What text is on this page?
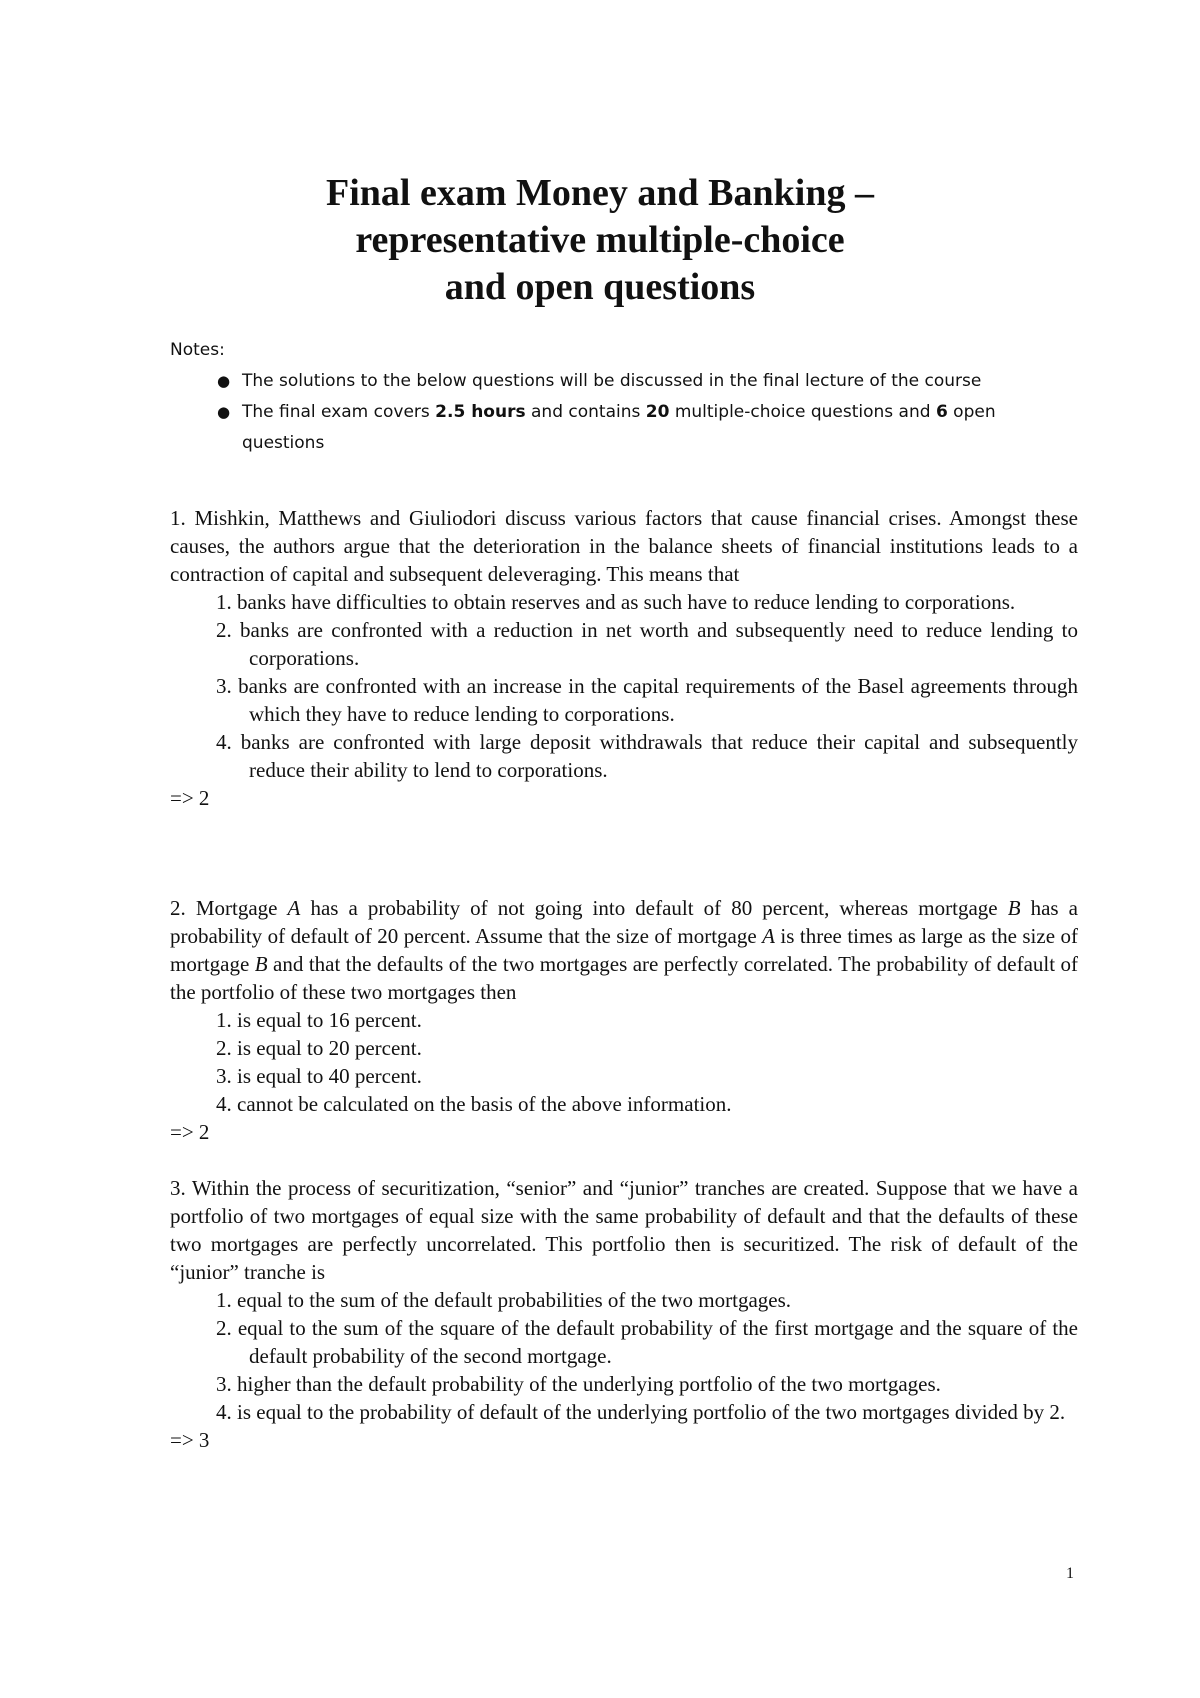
Final exam Money and Banking –
representative multiple-choice
and open questions
Notes:
● The solutions to the below questions will be discussed in the final lecture of the course
● The final exam covers 2.5 hours and contains 20 multiple-choice questions and 6 open questions
1. Mishkin, Matthews and Giuliodori discuss various factors that cause financial crises. Amongst these causes, the authors argue that the deterioration in the balance sheets of financial institutions leads to a contraction of capital and subsequent deleveraging. This means that
1. banks have difficulties to obtain reserves and as such have to reduce lending to corporations.
2. banks are confronted with a reduction in net worth and subsequently need to reduce lending to corporations.
3. banks are confronted with an increase in the capital requirements of the Basel agreements through which they have to reduce lending to corporations.
4. banks are confronted with large deposit withdrawals that reduce their capital and subsequently reduce their ability to lend to corporations.
=> 2
2. Mortgage A has a probability of not going into default of 80 percent, whereas mortgage B has a probability of default of 20 percent. Assume that the size of mortgage A is three times as large as the size of mortgage B and that the defaults of the two mortgages are perfectly correlated. The probability of default of the portfolio of these two mortgages then
1. is equal to 16 percent.
2. is equal to 20 percent.
3. is equal to 40 percent.
4. cannot be calculated on the basis of the above information.
=> 2
3. Within the process of securitization, “senior” and “junior” tranches are created. Suppose that we have a portfolio of two mortgages of equal size with the same probability of default and that the defaults of these two mortgages are perfectly uncorrelated. This portfolio then is securitized. The risk of default of the “junior” tranche is
1. equal to the sum of the default probabilities of the two mortgages.
2. equal to the sum of the square of the default probability of the first mortgage and the square of the default probability of the second mortgage.
3. higher than the default probability of the underlying portfolio of the two mortgages.
4. is equal to the probability of default of the underlying portfolio of the two mortgages divided by 2.
=> 3
1
